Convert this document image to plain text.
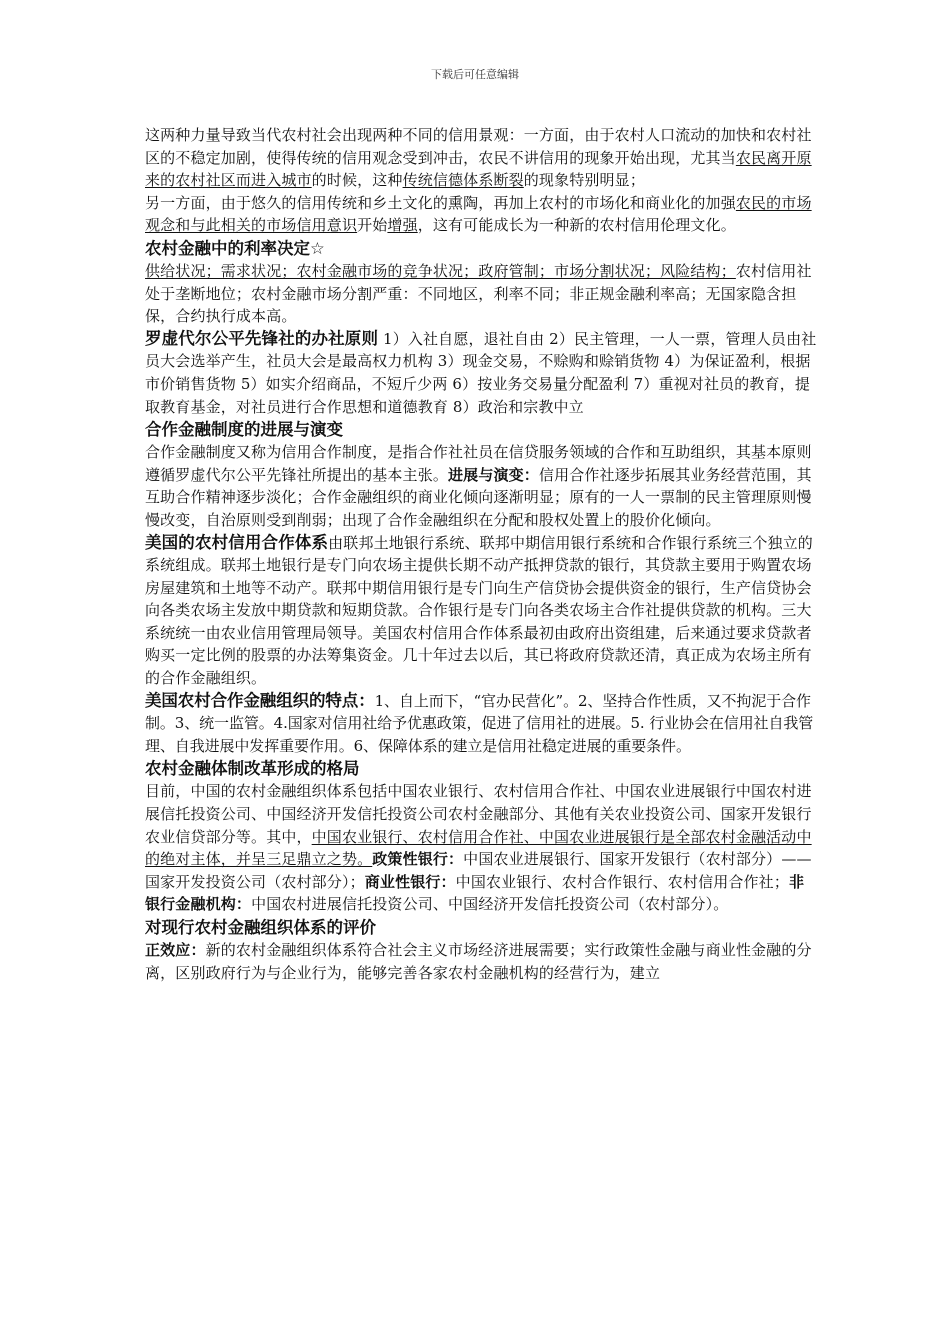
下载后可任意编辑

这两种力量导致当代农村社会出现两种不同的信用景观：一方面，由于农村人口流动的加快和农村社区的不稳定加剧，使得传统的信用观念受到冲击，农民不讲信用的现象开始出现，尤其当农民离开原来的农村社区而进入城市的时候，这种传统信德体系断裂的现象特别明显；

另一方面，由于悠久的信用传统和乡土文化的熏陶，再加上农村的市场化和商业化的加强农民的市场观念和与此相关的市场信用意识开始增强，这有可能成长为一种新的农村信用伦理文化。

农村金融中的利率决定☆

供给状况；需求状况；农村金融市场的竞争状况；政府管制；市场分割状况；风险结构；农村信用社处于垄断地位；农村金融市场分割严重：不同地区，利率不同；非正规金融利率高；无国家隐含担保，合约执行成本高。

罗虚代尔公平先锋社的办社原则 1）入社自愿，退社自由 2）民主管理，一人一票，管理人员由社员大会选举产生，社员大会是最高权力机构 3）现金交易，不赊购和赊销货物 4）为保证盈利，根据市价销售货物 5）如实介绍商品，不短斤少两 6）按业务交易量分配盈利 7）重视对社员的教育，提取教育基金，对社员进行合作思想和道德教育 8）政治和宗教中立

合作金融制度的进展与演变

合作金融制度又称为信用合作制度，是指合作社社员在信贷服务领域的合作和互助组织，其基本原则遵循罗虚代尔公平先锋社所提出的基本主张。进展与演变：信用合作社逐步拓展其业务经营范围，其互助合作精神逐步淡化；合作金融组织的商业化倾向逐渐明显；原有的一人一票制的民主管理原则慢慢改变，自治原则受到削弱；出现了合作金融组织在分配和股权处置上的股价化倾向。

美国的农村信用合作体系由联邦土地银行系统、联邦中期信用银行系统和合作银行系统三个独立的系统组成。联邦土地银行是专门向农场主提供长期不动产抵押贷款的银行，其贷款主要用于购置农场房屋建筑和土地等不动产。联邦中期信用银行是专门向生产信贷协会提供资金的银行，生产信贷协会向各类农场主发放中期贷款和短期贷款。合作银行是专门向各类农场主合作社提供贷款的机构。三大系统统一由农业信用管理局领导。美国农村信用合作体系最初由政府出资组建，后来通过要求贷款者购买一定比例的股票的办法筹集资金。几十年过去以后，其已将政府贷款还清，真正成为农场主所有的合作金融组织。

美国农村合作金融组织的特点：1、自上而下，“官办民营化”。2、坚持合作性质，又不拘泥于合作制。3、统一监管。4.国家对信用社给予优惠政策，促进了信用社的进展。5. 行业协会在信用社自我管理、自我进展中发挥重要作用。6、保障体系的建立是信用社稳定进展的重要条件。

农村金融体制改革形成的格局

目前，中国的农村金融组织体系包括中国农业银行、农村信用合作社、中国农业进展银行中国农村进展信托投资公司、中国经济开发信托投资公司农村金融部分、其他有关农业投资公司、国家开发银行农业信贷部分等。其中，中国农业银行、农村信用合作社、中国农业进展银行是全部农村金融活动中的绝对主体，并呈三足鼎立之势。政策性银行：中国农业进展银行、国家开发银行（农村部分）—— 国家开发投资公司（农村部分）；商业性银行：中国农业银行、农村合作银行、农村信用合作社；非银行金融机构：中国农村进展信托投资公司、中国经济开发信托投资公司（农村部分）。

对现行农村金融组织体系的评价

正效应：新的农村金融组织体系符合社会主义市场经济进展需要；实行政策性金融与商业性金融的分离，区别政府行为与企业行为，能够完善各家农村金融机构的经营行为，建立
